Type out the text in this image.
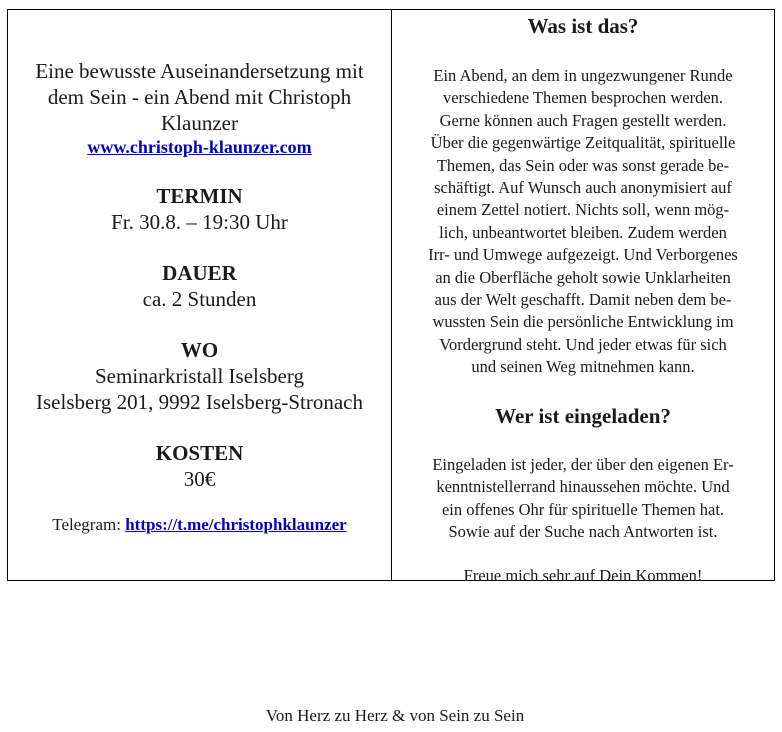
Eine bewusste Auseinandersetzung mit
dem Sein - ein Abend mit Christoph
Klaunzer
www.christoph-klaunzer.com
TERMIN
Fr. 30.8. – 19:30 Uhr
DAUER
ca. 2 Stunden
WO
Seminarkristall Iselsberg
Iselsberg 201, 9992 Iselsberg-Stronach
KOSTEN
30€
Telegram: https://t.me/christophklaunzer
Was ist das?
Ein Abend, an dem in ungezwungener Runde
verschiedene Themen besprochen werden.
Gerne können auch Fragen gestellt werden.
Über die gegenwärtige Zeitqualität, spirituelle
Themen, das Sein oder was sonst gerade be-
schäftigt. Auf Wunsch auch anonymisiert auf
einem Zettel notiert. Nichts soll, wenn mög-
lich, unbeantwortet bleiben. Zudem werden
Irr- und Umwege aufgezeigt. Und Verborgenes
an die Oberfläche geholt sowie Unklarheiten
aus der Welt geschafft. Damit neben dem be-
wussten Sein die persönliche Entwicklung im
Vordergrund steht. Und jeder etwas für sich
und seinen Weg mitnehmen kann.
Wer ist eingeladen?
Eingeladen ist jeder, der über den eigenen Er-
kenntnistellerrand hinaussehen möchte. Und
ein offenes Ohr für spirituelle Themen hat.
Sowie auf der Suche nach Antworten ist.
Freue mich sehr auf Dein Kommen!
Von Herz zu Herz & von Sein zu Sein
